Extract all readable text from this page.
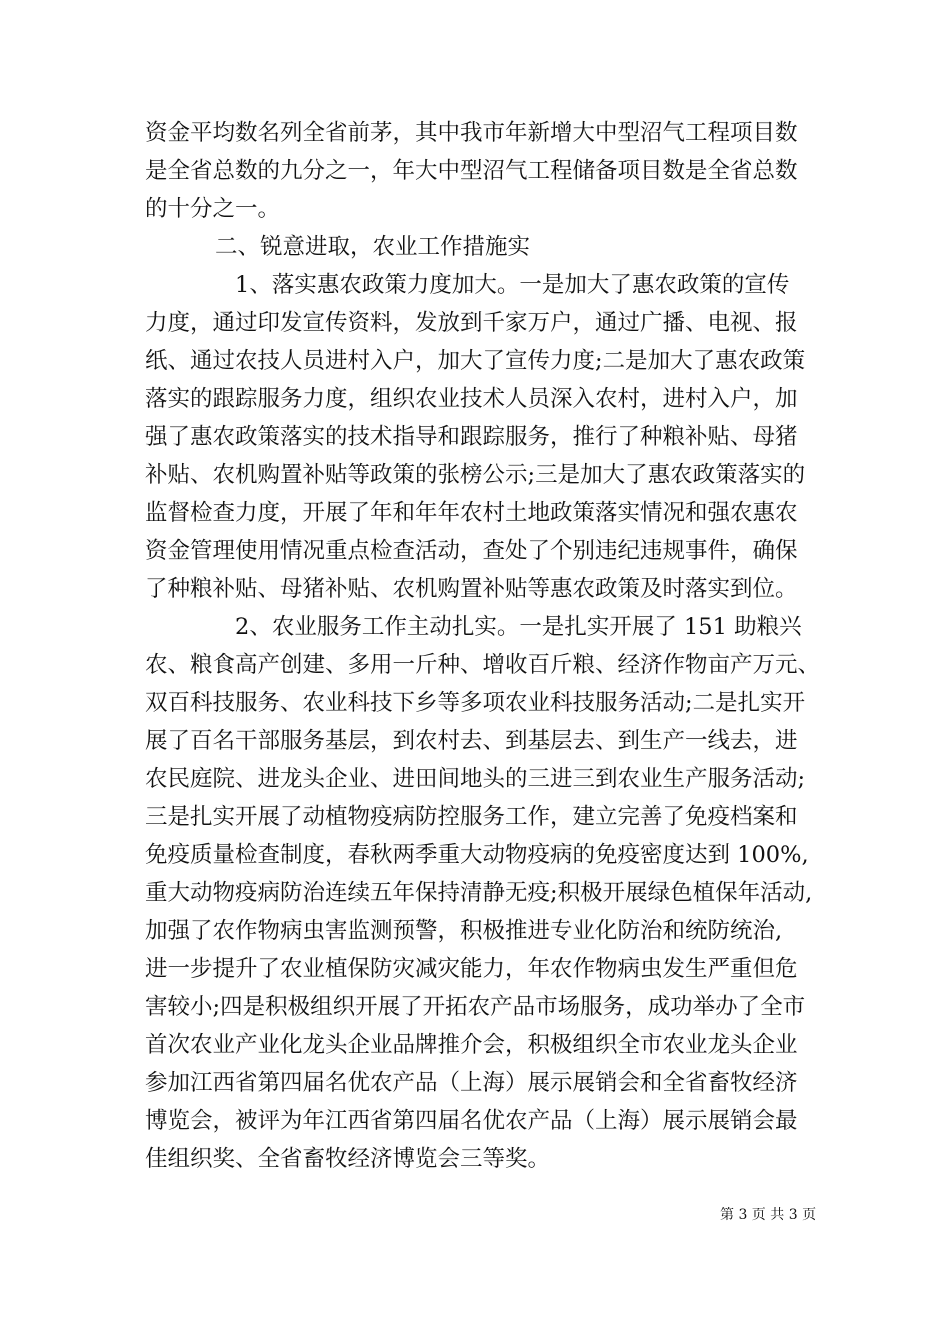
资金平均数名列全省前茅，其中我市年新增大中型沼气工程项目数
是全省总数的九分之一，年大中型沼气工程储备项目数是全省总数
的十分之一。
二、锐意进取，农业工作措施实
1、落实惠农政策力度加大。一是加大了惠农政策的宣传
力度，通过印发宣传资料，发放到千家万户，通过广播、电视、报
纸、通过农技人员进村入户，加大了宣传力度;二是加大了惠农政策
落实的跟踪服务力度，组织农业技术人员深入农村，进村入户，加
强了惠农政策落实的技术指导和跟踪服务，推行了种粮补贴、母猪
补贴、农机购置补贴等政策的张榜公示;三是加大了惠农政策落实的
监督检查力度，开展了年和年年农村土地政策落实情况和强农惠农
资金管理使用情况重点检查活动，查处了个别违纪违规事件，确保
了种粮补贴、母猪补贴、农机购置补贴等惠农政策及时落实到位。
2、农业服务工作主动扎实。一是扎实开展了 151 助粮兴
农、粮食高产创建、多用一斤种、增收百斤粮、经济作物亩产万元、
双百科技服务、农业科技下乡等多项农业科技服务活动;二是扎实开
展了百名干部服务基层，到农村去、到基层去、到生产一线去，进
农民庭院、进龙头企业、进田间地头的三进三到农业生产服务活动;
三是扎实开展了动植物疫病防控服务工作，建立完善了免疫档案和
免疫质量检查制度，春秋两季重大动物疫病的免疫密度达到 100%,
重大动物疫病防治连续五年保持清静无疫;积极开展绿色植保年活动,
加强了农作物病虫害监测预警，积极推进专业化防治和统防统治,
进一步提升了农业植保防灾减灾能力，年农作物病虫发生严重但危
害较小;四是积极组织开展了开拓农产品市场服务，成功举办了全市
首次农业产业化龙头企业品牌推介会，积极组织全市农业龙头企业
参加江西省第四届名优农产品（上海）展示展销会和全省畜牧经济
博览会，被评为年江西省第四届名优农产品（上海）展示展销会最
佳组织奖、全省畜牧经济博览会三等奖。
第 3 页 共 3 页
